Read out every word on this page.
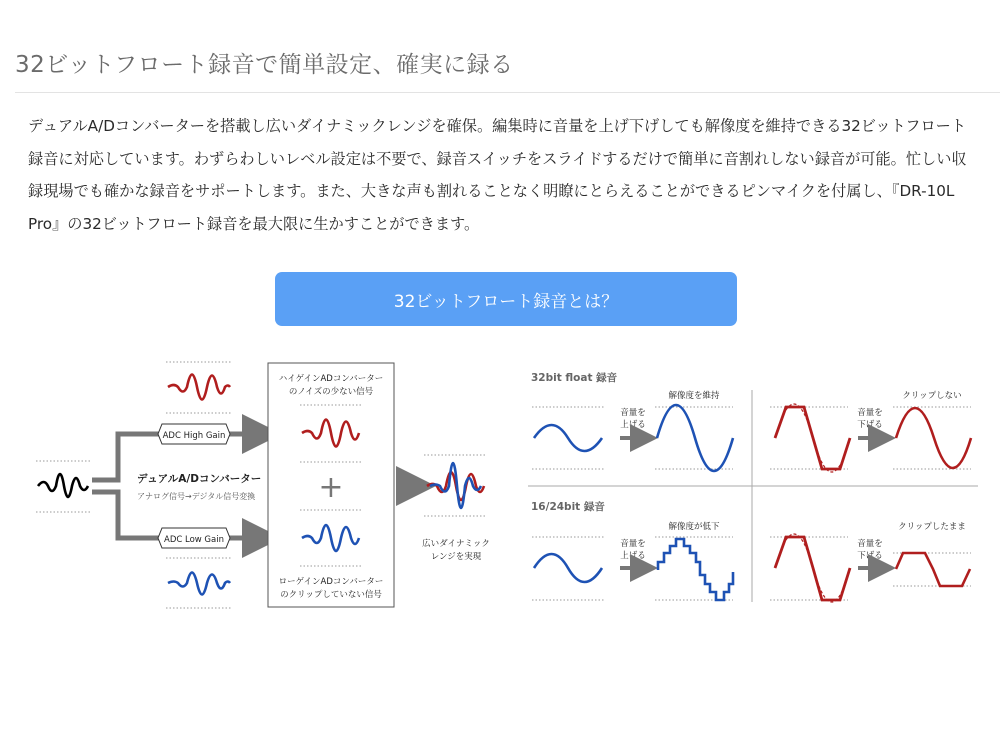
32ビットフロート録音で簡単設定、確実に録る

デュアルA/Dコンバーターを搭載し広いダイナミックレンジを確保。編集時に音量を上げ下げしても解像度を維持できる32ビットフロート録音に対応しています。わずらわしいレベル設定は不要で、録音スイッチをスライドするだけで簡単に音割れしない録音が可能。忙しい収録現場でも確かな録音をサポートします。また、大きな声も割れることなく明瞭にとらえることができるピンマイクを付属し、『DR-10L Pro』の32ビットフロート録音を最大限に生かすことができます。

32ビットフロート録音とは？
ADC High Gain
ADC Low Gain
デュアルA/Dコンバーター
アナログ信号→デジタル信号変換
ハイゲインADコンバーター
のノイズの少ない信号
+
ローゲインADコンバーター
のクリップしていない信号
広いダイナミック
レンジを実現
32bit float 録音
16/24bit 録音
音量を
上げる
解像度を維持
音量を
下げる
クリップしない
音量を
上げる
解像度が低下
音量を
下げる
クリップしたまま
